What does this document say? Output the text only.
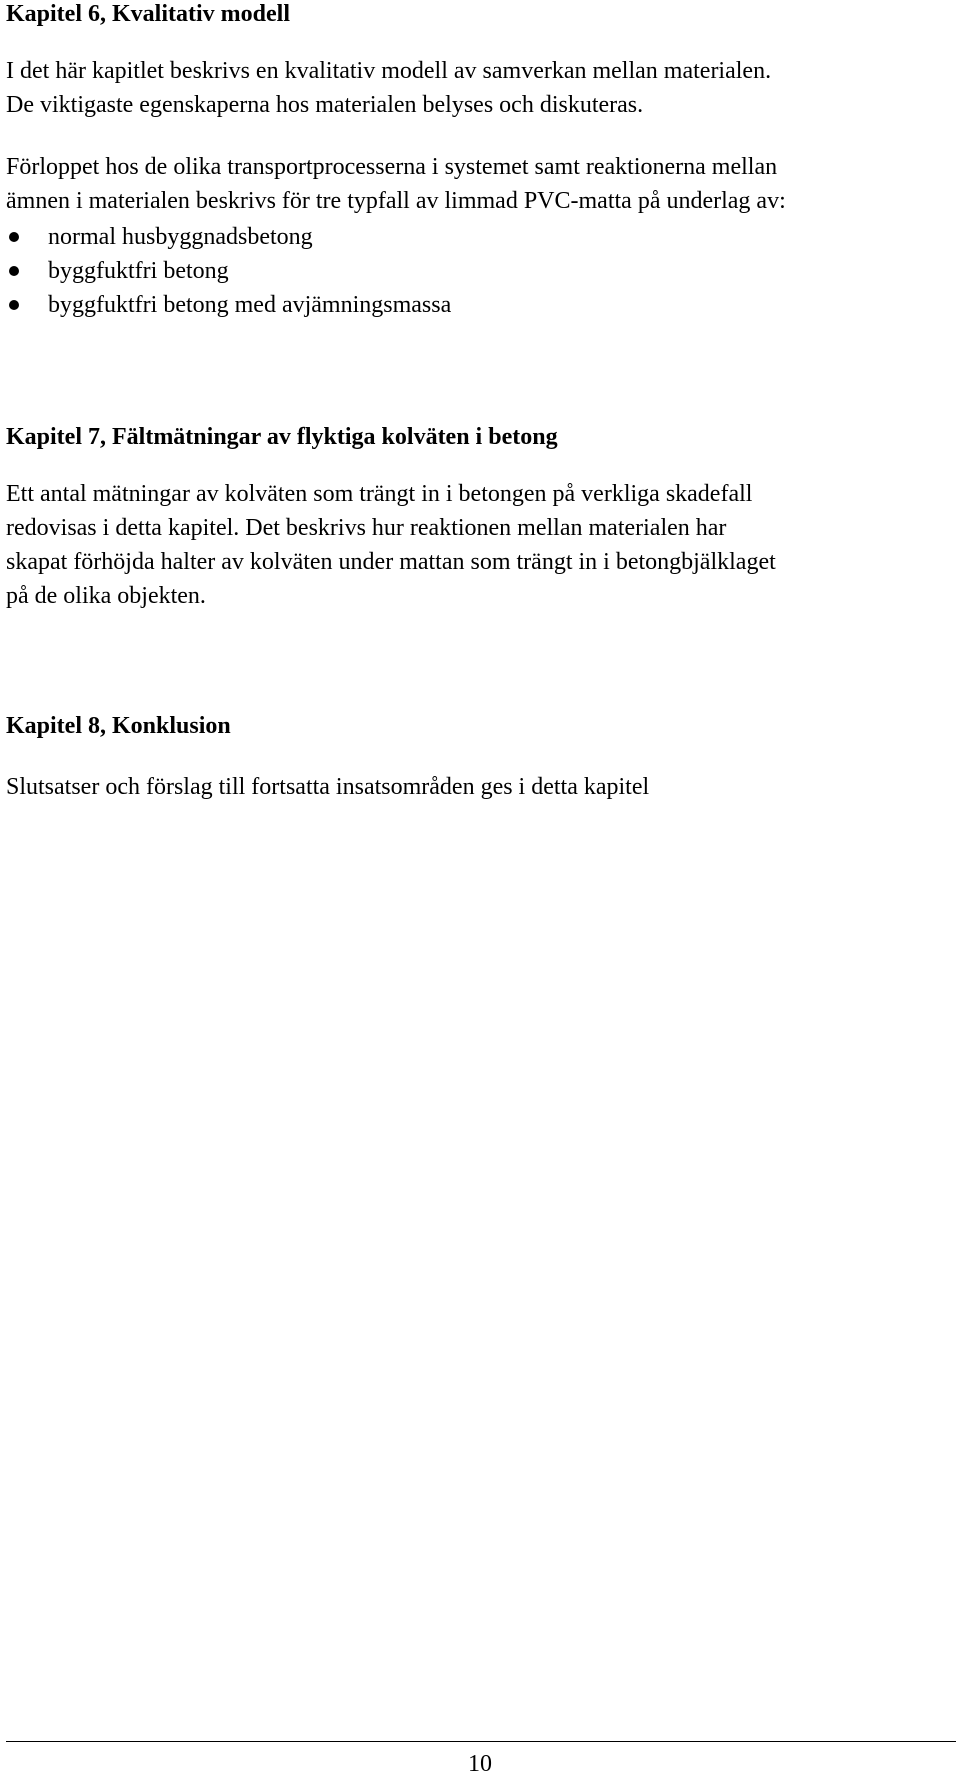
Kapitel 6, Kvalitativ modell

I det här kapitlet beskrivs en kvalitativ modell av samverkan mellan materialen.
De viktigaste egenskaperna hos materialen belyses och diskuteras.

Förloppet hos de olika transportprocesserna i systemet samt reaktionerna mellan
ämnen i materialen beskrivs för tre typfall av limmad PVC-matta på underlag av:

normal husbyggnadsbetong
byggfuktfri betong
byggfuktfri betong med avjämningsmassa
Kapitel 7, Fältmätningar av flyktiga kolväten i betong

Ett antal mätningar av kolväten som trängt in i betongen på verkliga skadefall
redovisas i detta kapitel. Det beskrivs hur reaktionen mellan materialen har
skapat förhöjda halter av kolväten under mattan som trängt in i betongbjälklaget
på de olika objekten.

Kapitel 8, Konklusion

Slutsatser och förslag till fortsatta insatsområden ges i detta kapitel

10
